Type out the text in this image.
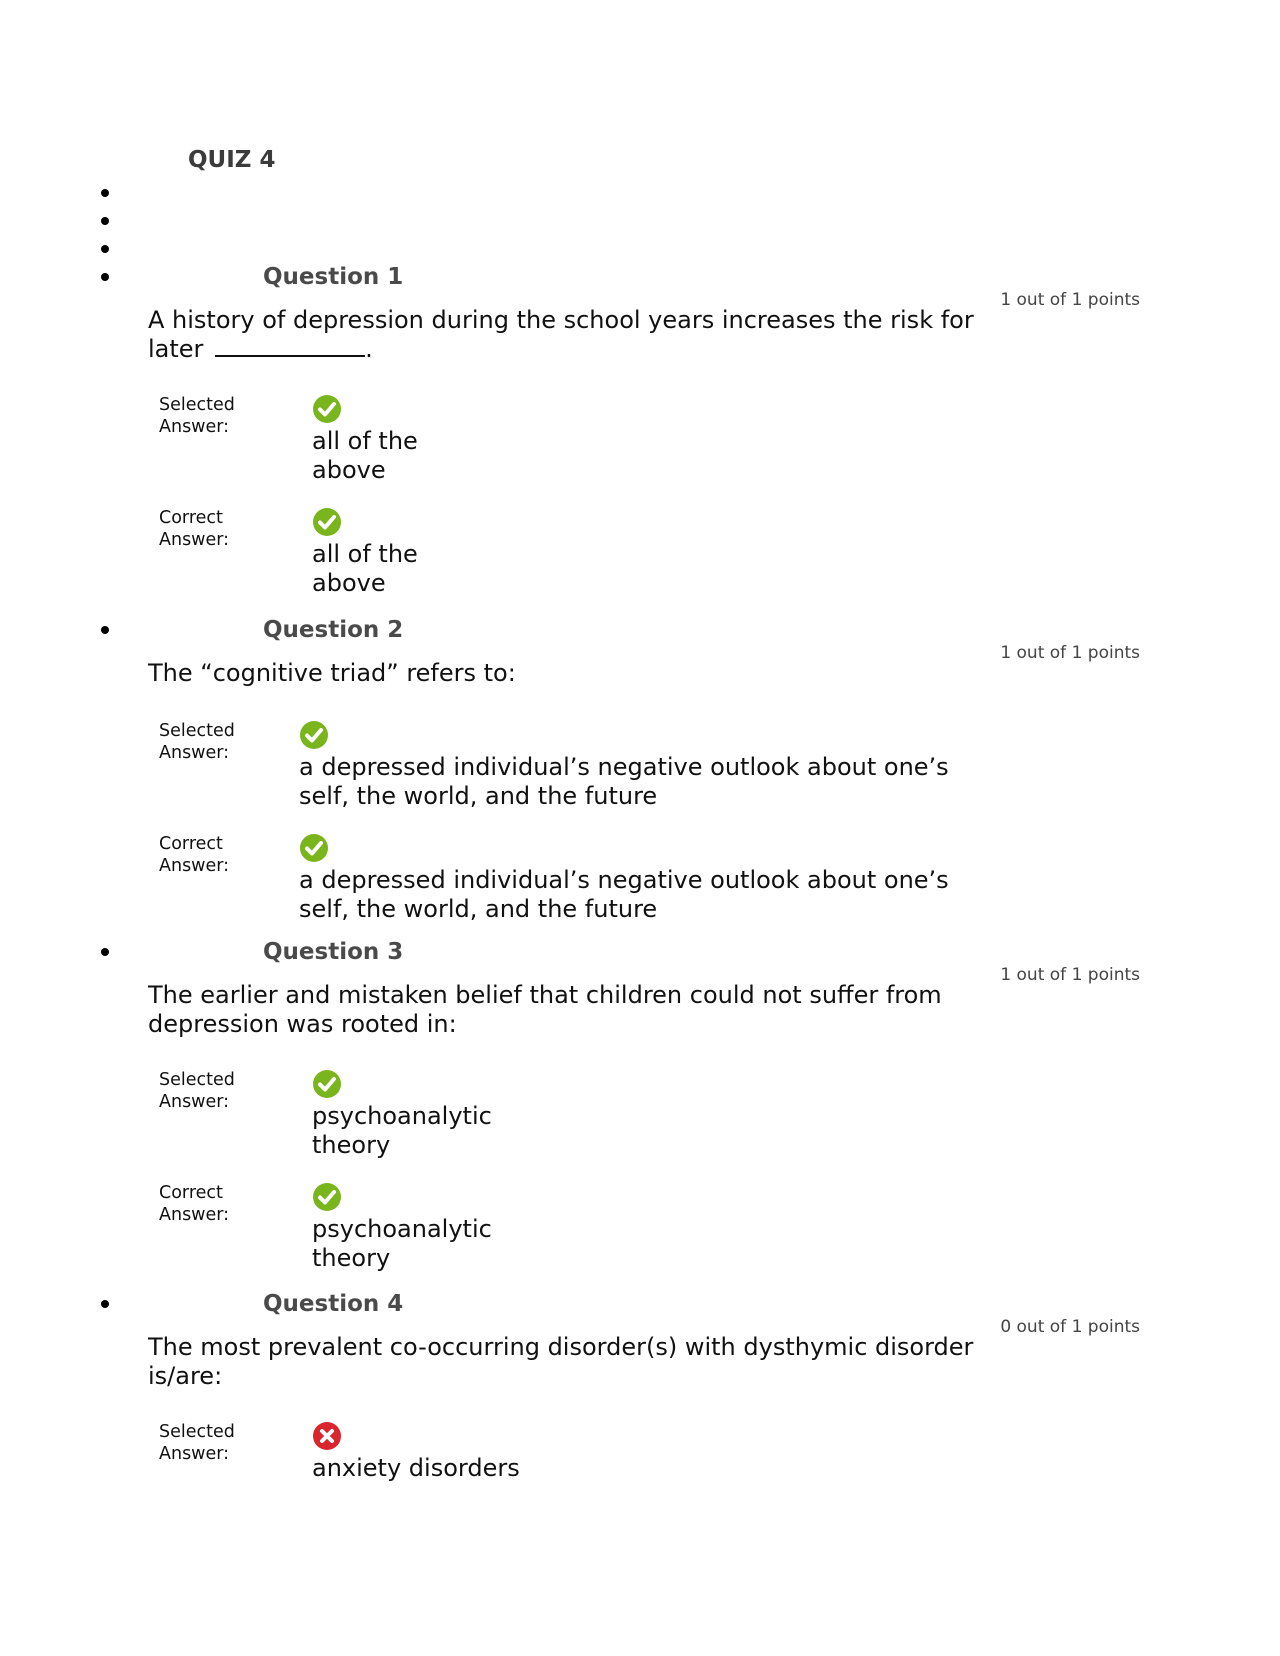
QUIZ 4
Question 1
1 out of 1 points
A history of depression during the school years increases the risk for later	.
Selected
Answer:	all of the above
Correct
Answer:	all of the above
Question 2
1 out of 1 points
The “cognitive triad” refers to:
Selected
Answer:	a depressed individual’s negative outlook about one’s self, the world, and the future
Correct
Answer:	a depressed individual’s negative outlook about one’s self, the world, and the future
Question 3
1 out of 1 points
The earlier and mistaken belief that children could not suffer from depression was rooted in:
Selected
Answer:	psychoanalytic theory
Correct
Answer:	psychoanalytic theory
Question 4
0 out of 1 points
The most prevalent co-occurring disorder(s) with dysthymic disorder is/are:
Selected
Answer:	anxiety disorders
